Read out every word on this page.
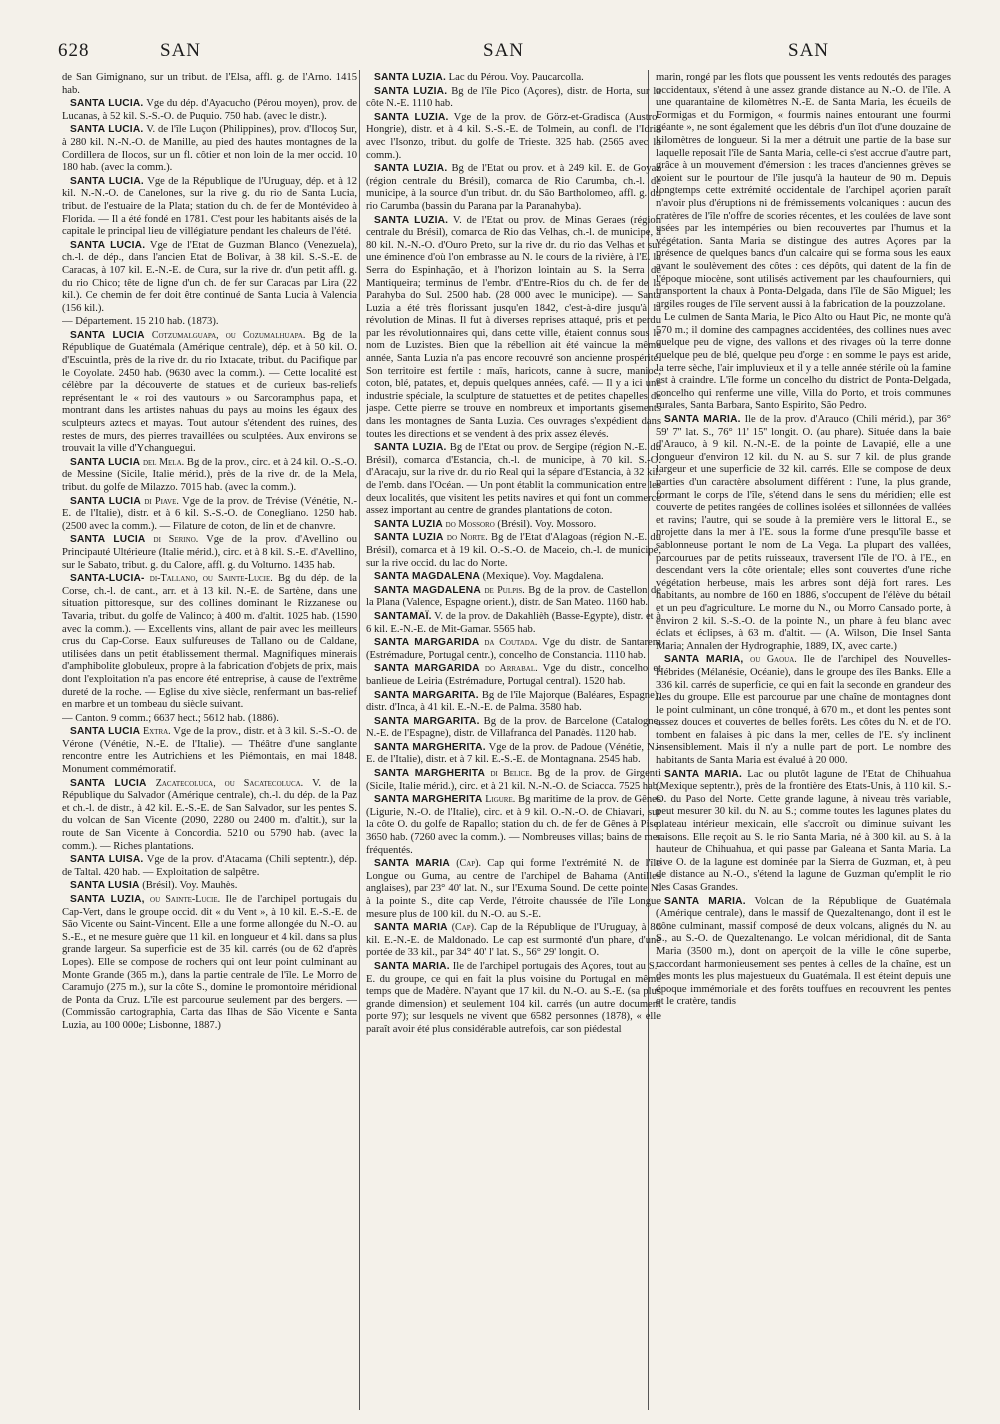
628	SAN	SAN	SAN

de San Gimignano, sur un tribut. de l'Elsa, affl. g. de l'Arno. 1415 hab.

SANTA LUCIA. Vge du dép. d'Ayacucho (Pérou moyen), prov. de Lucanas, à 52 kil. S.-S.-O. de Puquio. 750 hab. (avec le distr.).

SANTA LUCIA. V. de l'île Luçon (Philippines), prov. d'Ilocoş Sur, à 280 kil. N.-N.-O. de Manille, au pied des hautes montagnes de la Cordillera de Ilocos, sur un fl. côtier et non loin de la mer occid. 10 180 hab. (avec la comm.).

SANTA LUCIA. Vge de la République de l'Uruguay, dép. et à 12 kil. N.-N.-O. de Canelones, sur la rive g. du rio de Santa Lucia, tribut. de l'estuaire de la Plata; station du ch. de fer de Montévideo à Florida. — Il a été fondé en 1781. C'est pour les habitants aisés de la capitale le principal lieu de villégiature pendant les chaleurs de l'été.

SANTA LUCIA. Vge de l'Etat de Guzman Blanco (Venezuela), ch.-l. de dép., dans l'ancien Etat de Bolivar, à 38 kil. S.-S.-E. de Caracas, à 107 kil. E.-N.-E. de Cura, sur la rive dr. d'un petit affl. g. du rio Chico; tête de ligne d'un ch. de fer sur Caracas par Lira (22 kil.). Ce chemin de fer doit être continué de Santa Lucia à Valencia (156 kil.).

— Département. 15 210 hab. (1873).

SANTA LUCIA Cotzumalguapa, ou Cozumalhuapa. Bg de la République de Guatémala (Amérique centrale), dép. et à 50 kil. O. d'Escuintla, près de la rive dr. du rio Ixtacate, tribut. du Pacifique par le Coyolate. 2450 hab. (9630 avec la comm.). — Cette localité est célèbre par la découverte de statues et de curieux bas-reliefs représentant le « roi des vautours » ou Sarcoramphus papa, et montrant dans les artistes nahuas du pays au moins les égaux des sculpteurs aztecs et mayas. Tout autour s'étendent des ruines, des restes de murs, des pierres travaillées ou sculptées. Aux environs se trouvait la ville d'Ychanguegui.

SANTA LUCIA del Mela. Bg de la prov., circ. et à 24 kil. O.-S.-O. de Messine (Sicile, Italie mérid.), près de la rive dr. de la Mela, tribut. du golfe de Milazzo. 7015 hab. (avec la comm.).

SANTA LUCIA di Piave. Vge de la prov. de Trévise (Vénétie, N.-E. de l'Italie), distr. et à 6 kil. S.-S.-O. de Conegliano. 1250 hab. (2500 avec la comm.). — Filature de coton, de lin et de chanvre.

SANTA LUCIA di Serino. Vge de la prov. d'Avellino ou Principauté Ultérieure (Italie mérid.), circ. et à 8 kil. S.-E. d'Avellino, sur le Sabato, tribut. g. du Calore, affl. g. du Volturno. 1435 hab.

SANTA-LUCIA- di-Tallano, ou Sainte-Lucie. Bg du dép. de la Corse, ch.-l. de cant., arr. et à 13 kil. N.-E. de Sartène, dans une situation pittoresque, sur des collines dominant le Rizzanese ou Tavaria, tribut. du golfe de Valinco; à 400 m. d'altit. 1025 hab. (1590 avec la comm.). — Excellents vins, allant de pair avec les meilleurs crus du Cap-Corse. Eaux sulfureuses de Tallano ou de Caldane, utilisées dans un petit établissement thermal. Magnifiques minerais d'amphibolite globuleux, propre à la fabrication d'objets de prix, mais dont l'exploitation n'a pas encore été entreprise, à cause de l'extrême dureté de la roche. — Eglise du xive siècle, renfermant un bas-relief en marbre et un tombeau du siècle suivant.

— Canton. 9 comm.; 6637 hect.; 5612 hab. (1886).

SANTA LUCIA Extra. Vge de la prov., distr. et à 3 kil. S.-S.-O. de Vérone (Vénétie, N.-E. de l'Italie). — Théâtre d'une sanglante rencontre entre les Autrichiens et les Piémontais, en mai 1848. Monument commémoratif.

SANTA LUCIA Zacatecoluca, ou Sacatecoluca. V. de la République du Salvador (Amérique centrale), ch.-l. du dép. de la Paz et ch.-l. de distr., à 42 kil. E.-S.-E. de San Salvador, sur les pentes S. du volcan de San Vicente (2090, 2280 ou 2400 m. d'altit.), sur la route de San Vicente à Concordia. 5210 ou 5790 hab. (avec la comm.). — Riches plantations.

SANTA LUISA. Vge de la prov. d'Atacama (Chili septentr.), dép. de Taltal. 420 hab. — Exploitation de salpêtre.

SANTA LUSIA (Brésil). Voy. Mauhès.

SANTA LUZIA, ou Sainte-Lucie. Ile de l'archipel portugais du Cap-Vert, dans le groupe occid. dit « du Vent », à 10 kil. E.-S.-E. de São Vicente ou Saint-Vincent. Elle a une forme allongée du N.-O. au S.-E., et ne mesure guère que 11 kil. en longueur et 4 kil. dans sa plus grande largeur. Sa superficie est de 35 kil. carrés (ou de 62 d'après Lopes). Elle se compose de rochers qui ont leur point culminant au Monte Grande (365 m.), dans la partie centrale de l'île. Le Morro de Caramujo (275 m.), sur la côte S., domine le promontoire méridional de Ponta da Cruz. L'île est parcourue seulement par des bergers. — (Commissão cartographia, Carta das Ilhas de São Vicente e Santa Luzia, au 100 000e; Lisbonne, 1887.)

SANTA LUZIA. Lac du Pérou. Voy. Paucarcolla.

SANTA LUZIA. Bg de l'île Pico (Açores), distr. de Horta, sur la côte N.-E. 1110 hab.

SANTA LUZIA. Vge de la prov. de Görz-et-Gradisca (Austro-Hongrie), distr. et à 4 kil. S.-S.-E. de Tolmein, au confl. de l'Idria avec l'Isonzo, tribut. du golfe de Trieste. 325 hab. (2565 avec la comm.).

SANTA LUZIA. Bg de l'Etat ou prov. et à 249 kil. E. de Goyaz (région centrale du Brésil), comarca de Rio Carumba, ch.-l. de municipe, à la source d'un tribut. dr. du São Bartholomeo, affl. g. du rio Carumba (bassin du Parana par la Paranahyba).

SANTA LUZIA. V. de l'Etat ou prov. de Minas Geraes (région centrale du Brésil), comarca de Rio das Velhas, ch.-l. de municipe, à 80 kil. N.-N.-O. d'Ouro Preto, sur la rive dr. du rio das Velhas et sur une éminence d'où l'on embrasse au N. le cours de la rivière, à l'E. la Serra do Espinhação, et à l'horizon lointain au S. la Serra de Mantiqueira; terminus de l'embr. d'Entre-Rios du ch. de fer de la Parahyba do Sul. 2500 hab. (28 000 avec le municipe). — Santa Luzia a été très florissant jusqu'en 1842, c'est-à-dire jusqu'à la révolution de Minas. Il fut à diverses reprises attaqué, pris et perdu par les révolutionnaires qui, dans cette ville, étaient connus sous le nom de Luzistes. Bien que la rébellion ait été vaincue la même année, Santa Luzia n'a pas encore recouvré son ancienne prospérité. Son territoire est fertile : maïs, haricots, canne à sucre, manioc, coton, blé, patates, et, depuis quelques années, café. — Il y a ici une industrie spéciale, la sculpture de statuettes et de petites chapelles de jaspe. Cette pierre se trouve en nombreux et importants gisements dans les montagnes de Santa Luzia. Ces ouvrages s'expédient dans toutes les directions et se vendent à des prix assez élevés.

SANTA LUZIA. Bg de l'Etat ou prov. de Sergipe (région N.-E. du Brésil), comarca d'Estancia, ch.-l. de municipe, à 70 kil. S.-O. d'Aracaju, sur la rive dr. du rio Real qui la sépare d'Estancia, à 32 kil. de l'emb. dans l'Océan. — Un pont établit la communication entre les deux localités, que visitent les petits navires et qui font un commerce assez important au centre de grandes plantations de coton.

SANTA LUZIA do Mossoro (Brésil). Voy. Mossoro.

SANTA LUZIA do Norte. Bg de l'Etat d'Alagoas (région N.-E. du Brésil), comarca et à 19 kil. O.-S.-O. de Maceio, ch.-l. de municipe, sur la rive occid. du lac do Norte.

SANTA MAGDALENA (Mexique). Voy. Magdalena.

SANTA MAGDALENA de Pulpis. Bg de la prov. de Castellon de la Plana (Valence, Espagne orient.), distr. de San Mateo. 1160 hab.

SANTAMAÏ. V. de la prov. de Dakahlièh (Basse-Egypte), distr. et à 6 kil. E.-N.-E. de Mit-Gamar. 5565 hab.

SANTA MARGARIDA da Coutada. Vge du distr. de Santarem (Estrémadure, Portugal centr.), concelho de Constancia. 1110 hab.

SANTA MARGARIDA do Arrabal. Vge du distr., concelho et banlieue de Leiria (Estrémadure, Portugal central). 1520 hab.

SANTA MARGARITA. Bg de l'île Majorque (Baléares, Espagne), distr. d'Inca, à 41 kil. E.-N.-E. de Palma. 3580 hab.

SANTA MARGARITA. Bg de la prov. de Barcelone (Catalogne, N.-E. de l'Espagne), distr. de Villafranca del Panadès. 1120 hab.

SANTA MARGHERITA. Vge de la prov. de Padoue (Vénétie, N.-E. de l'Italie), distr. et à 7 kil. E.-S.-E. de Montagnana. 2545 hab.

SANTA MARGHERITA di Belice. Bg de la prov. de Girgenti (Sicile, Italie mérid.), circ. et à 21 kil. N.-N.-O. de Sciacca. 7525 hab.

SANTA MARGHERITA Ligure. Bg maritime de la prov. de Gênes (Ligurie, N.-O. de l'Italie), circ. et à 9 kil. O.-N.-O. de Chiavari, sur la côte O. du golfe de Rapallo; station du ch. de fer de Gênes à Pise. 3650 hab. (7260 avec la comm.). — Nombreuses villas; bains de mer fréquentés.

SANTA MARIA (Cap). Cap qui forme l'extrémité N. de l'île Longue ou Guma, au centre de l'archipel de Bahama (Antilles anglaises), par 23° 40' lat. N., sur l'Exuma Sound. De cette pointe N. à la pointe S., dite cap Verde, l'étroite chaussée de l'île Longue mesure plus de 100 kil. du N.-O. au S.-E.

SANTA MARIA (Cap). Cap de la République de l'Uruguay, à 86 kil. E.-N.-E. de Maldonado. Le cap est surmonté d'un phare, d'une portée de 33 kil., par 34° 40' l' lat. S., 56° 29' longit. O.

SANTA MARIA. Ile de l'archipel portugais des Açores, tout au S.-E. du groupe, ce qui en fait la plus voisine du Portugal en même temps que de Madère. N'ayant que 17 kil. du N.-O. au S.-E. (sa plus grande dimension) et seulement 104 kil. carrés (un autre document porte 97); sur lesquels ne vivent que 6582 personnes (1878), « elle paraît avoir été plus considérable autrefois, car son piédestal

marin, rongé par les flots que poussent les vents redoutés des parages occidentaux, s'étend à une assez grande distance au N.-O. de l'île. A une quarantaine de kilomètres N.-E. de Santa Maria, les écueils de Formigas et du Formigon, « fourmis naines entourant une fourmi géante », ne sont également que les débris d'un îlot d'une douzaine de kilomètres de longueur. Si la mer a détruit une partie de la base sur laquelle reposait l'île de Santa Maria, celle-ci s'est accrue d'autre part, grâce à un mouvement d'émersion : les traces d'anciennes grèves se voient sur le pourtour de l'île jusqu'à la hauteur de 90 m. Depuis longtemps cette extrémité occidentale de l'archipel açorien paraît n'avoir plus d'éruptions ni de frémissements volcaniques : aucun des cratères de l'île n'offre de scories récentes, et les coulées de lave sont usées par les intempéries ou bien recouvertes par l'humus et la végétation. Santa Maria se distingue des autres Açores par la présence de quelques bancs d'un calcaire qui se forma sous les eaux avant le soulèvement des côtes : ces dépôts, qui datent de la fin de l'époque miocène, sont utilisés activement par les chaufourniers, qui transportent la chaux à Ponta-Delgada, dans l'île de São Miguel; les argiles rouges de l'île servent aussi à la fabrication de la pouzzolane.

Le culmen de Santa Maria, le Pico Alto ou Haut Pic, ne monte qu'à 570 m.; il domine des campagnes accidentées, des collines nues avec quelque peu de vigne, des vallons et des rivages où la terre donne quelque peu de blé, quelque peu d'orge : en somme le pays est aride, la terre sèche, l'air impluvieux et il y a telle année stérile où la famine est à craindre. L'île forme un concelho du district de Ponta-Delgada, concelho qui renferme une ville, Villa do Porto, et trois communes rurales, Santa Barbara, Santo Espirito, São Pedro.

SANTA MARIA. Ile de la prov. d'Arauco (Chili mérid.), par 36° 59' 7'' lat. S., 76° 11' 15'' longit. O. (au phare). Située dans la baie d'Arauco, à 9 kil. N.-N.-E. de la pointe de Lavapié, elle a une longueur d'environ 12 kil. du N. au S. sur 7 kil. de plus grande largeur et une superficie de 32 kil. carrés. Elle se compose de deux parties d'un caractère absolument différent : l'une, la plus grande, formant le corps de l'île, s'étend dans le sens du méridien; elle est couverte de petites rangées de collines isolées et sillonnées de vallées et ravins; l'autre, qui se soude à la première vers le littoral E., se projette dans la mer à l'E. sous la forme d'une presqu'île basse et sablonneuse portant le nom de La Vega. La plupart des vallées, parcourues par de petits ruisseaux, traversent l'île de l'O. à l'E., en descendant vers la côte orientale; elles sont couvertes d'une riche végétation herbeuse, mais les arbres sont déjà fort rares. Les habitants, au nombre de 160 en 1886, s'occupent de l'élève du bétail et un peu d'agriculture. Le morne du N., ou Morro Cansado porte, à environ 2 kil. S.-S.-O. de la pointe N., un phare à feu blanc avec éclats et éclipses, à 63 m. d'altit. — (A. Wilson, Die Insel Santa Maria; Annalen der Hydrographie, 1889, IX, avec carte.)

SANTA MARIA, ou Gaoua. Ile de l'archipel des Nouvelles-Hébrides (Mélanésie, Océanie), dans le groupe des îles Banks. Elle a 336 kil. carrés de superficie, ce qui en fait la seconde en grandeur des îles du groupe. Elle est parcourue par une chaîne de montagnes dont le point culminant, un cône tronqué, à 670 m., et dont les pentes sont assez douces et couvertes de belles forêts. Les côtes du N. et de l'O. tombent en falaises à pic dans la mer, celles de l'E. s'y inclinent insensiblement. Mais il n'y a nulle part de port. Le nombre des habitants de Santa Maria est évalué à 20 000.

SANTA MARIA. Lac ou plutôt lagune de l'Etat de Chihuahua (Mexique septentr.), près de la frontière des Etats-Unis, à 110 kil. S.-O. du Paso del Norte. Cette grande lagune, à niveau très variable, peut mesurer 30 kil. du N. au S.; comme toutes les lagunes plates du plateau intérieur mexicain, elle s'accroît ou diminue suivant les saisons. Elle reçoit au S. le rio Santa Maria, né à 300 kil. au S. à la hauteur de Chihuahua, et qui passe par Galeana et Santa Maria. La rive O. de la lagune est dominée par la Sierra de Guzman, et, à peu de distance au N.-O., s'étend la lagune de Guzman qu'emplit le rio des Casas Grandes.

SANTA MARIA. Volcan de la République de Guatémala (Amérique centrale), dans le massif de Quezaltenango, dont il est le cône culminant, massif composé de deux volcans, alignés du N. au S., au S.-O. de Quezaltenango. Le volcan méridional, dit de Santa Maria (3500 m.), dont on aperçoit de la ville le cône superbe, raccordant harmonieusement ses pentes à celles de la chaîne, est un des monts les plus majestueux du Guatémala. Il est éteint depuis une époque immémoriale et des forêts touffues en recouvrent les pentes et le cratère, tandis
